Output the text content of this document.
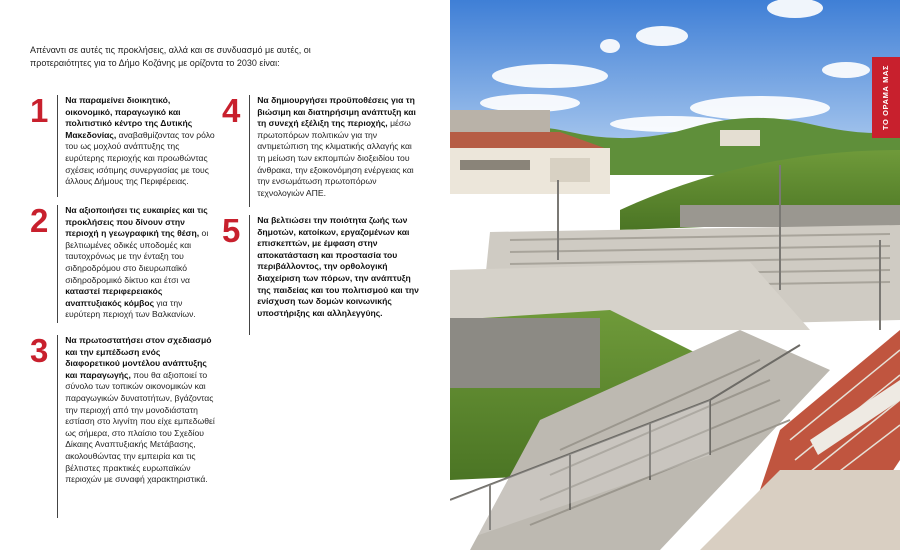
Απέναντι σε αυτές τις προκλήσεις, αλλά και σε συνδυασμό με αυτές, οι προτεραιότητες για το Δήμο Κοζάνης με ορίζοντα το 2030 είναι:

1	Να παραμείνει διοικητικό, οικονομικό, παραγωγικό και πολιτιστικό κέντρο της Δυτικής Μακεδονίας, αναβαθμίζοντας τον ρόλο του ως μοχλού ανάπτυξης της ευρύτερης περιοχής και προωθώντας σχέσεις ισότιμης συνεργασίας με τους άλλους Δήμους της Περιφέρειας.
2	Να αξιοποιήσει τις ευκαιρίες και τις προκλήσεις που δίνουν στην περιοχή η γεωγραφική της θέση, οι βελτιωμένες οδικές υποδομές και ταυτοχρόνως με την ένταξη του σιδηροδρόμου στο διευρωπαϊκό σιδηροδρομικό δίκτυο και έτσι να καταστεί περιφερειακός αναπτυξιακός κόμβος για την ευρύτερη περιοχή των Βαλκανίων.
3	Να πρωτοστατήσει στον σχεδιασμό και την εμπέδωση ενός διαφορετικού μοντέλου ανάπτυξης και παραγωγής, που θα αξιοποιεί το σύνολο των τοπικών οικονομικών και παραγωγικών δυνατοτήτων, βγάζοντας την περιοχή από την μονοδιάστατη εστίαση στο λιγνίτη που είχε εμπεδωθεί ως σήμερα, στο πλαίσιο του Σχεδίου Δίκαιης Αναπτυξιακής Μετάβασης, ακολουθώντας την εμπειρία και τις βέλτιστες πρακτικές ευρωπαϊκών περιοχών με συναφή χαρακτηριστικά.
4	Να δημιουργήσει προϋποθέσεις για τη βιώσιμη και διατηρήσιμη ανάπτυξη και τη συνεχή εξέλιξη της περιοχής, μέσω πρωτοπόρων πολιτικών για την αντιμετώπιση της κλιματικής αλλαγής και τη μείωση των εκπομπών διοξειδίου του άνθρακα, την εξοικονόμηση ενέργειας και την ενσωμάτωση πρωτοπόρων τεχνολογιών ΑΠΕ.
5	Να βελτιώσει την ποιότητα ζωής των δημοτών, κατοίκων, εργαζομένων και επισκεπτών, με έμφαση στην αποκατάσταση και προστασία του περιβάλλοντος, την ορθολογική διαχείριση των πόρων, την ανάπτυξη της παιδείας και του πολιτισμού και την ενίσχυση των δομών κοινωνικής υποστήριξης και αλληλεγγύης.
ΤΟ ΟΡΑΜΑ ΜΑΣ
